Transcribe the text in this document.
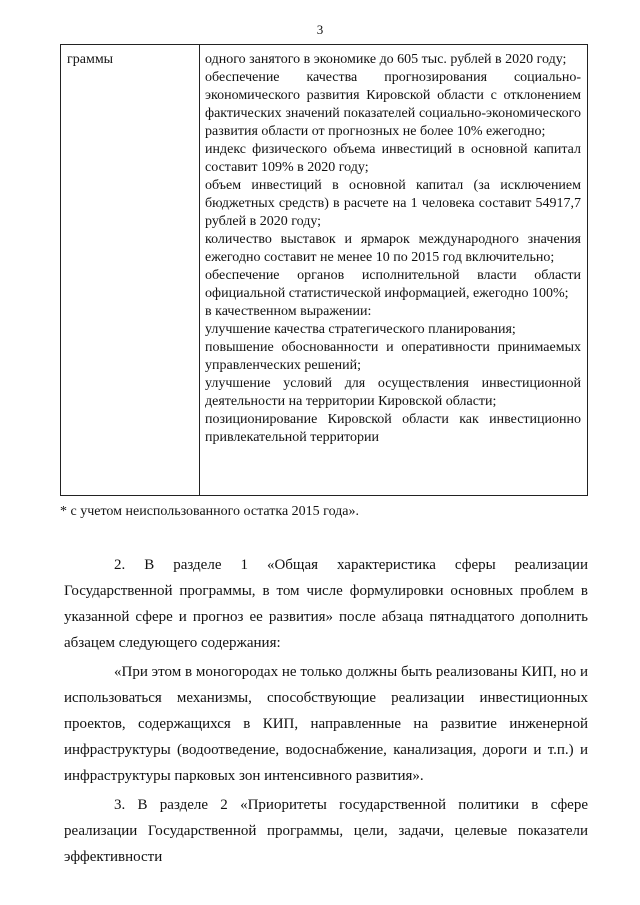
3
граммы	одного занятого в экономике до 605 тыс. рублей в 2020 году;
обеспечение качества прогнозирования социально-экономического развития Кировской области с отклонением фактических значений показателей социально-экономического развития области от прогнозных не более 10% ежегодно;
индекс физического объема инвестиций в основной капитал составит 109% в 2020 году;
объем инвестиций в основной капитал (за исключением бюджетных средств) в расчете на 1 человека составит 54917,7 рублей в 2020 году;
количество выставок и ярмарок международного значения ежегодно составит не менее 10 по 2015 год включительно;
обеспечение органов исполнительной власти области официальной статистической информацией, ежегодно 100%;
в качественном выражении:
улучшение качества стратегического планирования;
повышение обоснованности и оперативности принимаемых управленческих решений;
улучшение условий для осуществления инвестиционной деятельности на территории Кировской области;
позиционирование Кировской области как инвестиционно привлекательной территории
* с учетом неиспользованного остатка 2015 года».
2. В разделе 1 «Общая характеристика сферы реализации Государственной программы, в том числе формулировки основных проблем в указанной сфере и прогноз ее развития» после абзаца пятнадцатого дополнить абзацем следующего содержания:
«При этом в моногородах не только должны быть реализованы КИП, но и использоваться механизмы, способствующие реализации инвестиционных проектов, содержащихся в КИП, направленные на развитие инженерной инфраструктуры (водоотведение, водоснабжение, канализация, дороги и т.п.) и инфраструктуры парковых зон интенсивного развития».
3. В разделе 2 «Приоритеты государственной политики в сфере реализации Государственной программы, цели, задачи, целевые показатели эффективности
